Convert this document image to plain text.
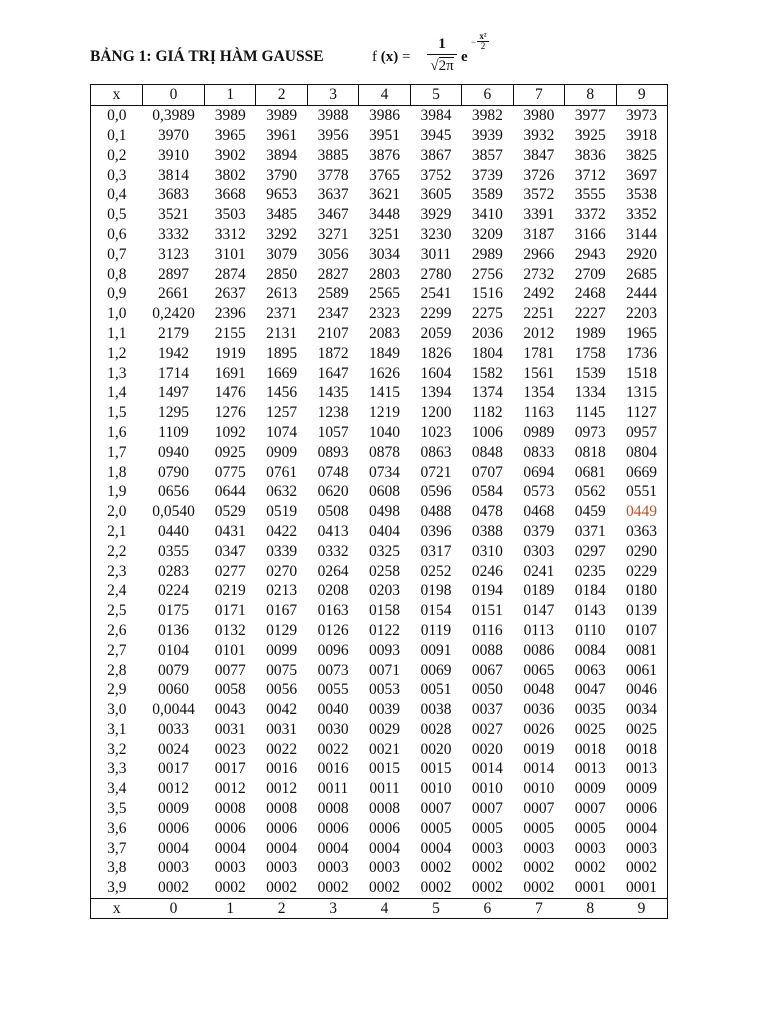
BẢNG 1: GIÁ TRỊ HÀM GAUSSE	f (x) =
1
√2π
e
− $\frac{\text{x²}}{2}$
x	0	1	2	3	4	5	6	7	8	9
0,0	0,3989	3989	3989	3988	3986	3984	3982	3980	3977	3973
0,1	3970	3965	3961	3956	3951	3945	3939	3932	3925	3918
0,2	3910	3902	3894	3885	3876	3867	3857	3847	3836	3825
0,3	3814	3802	3790	3778	3765	3752	3739	3726	3712	3697
0,4	3683	3668	9653	3637	3621	3605	3589	3572	3555	3538
0,5	3521	3503	3485	3467	3448	3929	3410	3391	3372	3352
0,6	3332	3312	3292	3271	3251	3230	3209	3187	3166	3144
0,7	3123	3101	3079	3056	3034	3011	2989	2966	2943	2920
0,8	2897	2874	2850	2827	2803	2780	2756	2732	2709	2685
0,9	2661	2637	2613	2589	2565	2541	1516	2492	2468	2444
1,0	0,2420	2396	2371	2347	2323	2299	2275	2251	2227	2203
1,1	2179	2155	2131	2107	2083	2059	2036	2012	1989	1965
1,2	1942	1919	1895	1872	1849	1826	1804	1781	1758	1736
1,3	1714	1691	1669	1647	1626	1604	1582	1561	1539	1518
1,4	1497	1476	1456	1435	1415	1394	1374	1354	1334	1315
1,5	1295	1276	1257	1238	1219	1200	1182	1163	1145	1127
1,6	1109	1092	1074	1057	1040	1023	1006	0989	0973	0957
1,7	0940	0925	0909	0893	0878	0863	0848	0833	0818	0804
1,8	0790	0775	0761	0748	0734	0721	0707	0694	0681	0669
1,9	0656	0644	0632	0620	0608	0596	0584	0573	0562	0551
2,0	0,0540	0529	0519	0508	0498	0488	0478	0468	0459	0449
2,1	0440	0431	0422	0413	0404	0396	0388	0379	0371	0363
2,2	0355	0347	0339	0332	0325	0317	0310	0303	0297	0290
2,3	0283	0277	0270	0264	0258	0252	0246	0241	0235	0229
2,4	0224	0219	0213	0208	0203	0198	0194	0189	0184	0180
2,5	0175	0171	0167	0163	0158	0154	0151	0147	0143	0139
2,6	0136	0132	0129	0126	0122	0119	0116	0113	0110	0107
2,7	0104	0101	0099	0096	0093	0091	0088	0086	0084	0081
2,8	0079	0077	0075	0073	0071	0069	0067	0065	0063	0061
2,9	0060	0058	0056	0055	0053	0051	0050	0048	0047	0046
3,0	0,0044	0043	0042	0040	0039	0038	0037	0036	0035	0034
3,1	0033	0031	0031	0030	0029	0028	0027	0026	0025	0025
3,2	0024	0023	0022	0022	0021	0020	0020	0019	0018	0018
3,3	0017	0017	0016	0016	0015	0015	0014	0014	0013	0013
3,4	0012	0012	0012	0011	0011	0010	0010	0010	0009	0009
3,5	0009	0008	0008	0008	0008	0007	0007	0007	0007	0006
3,6	0006	0006	0006	0006	0006	0005	0005	0005	0005	0004
3,7	0004	0004	0004	0004	0004	0004	0003	0003	0003	0003
3,8	0003	0003	0003	0003	0003	0002	0002	0002	0002	0002
3,9	0002	0002	0002	0002	0002	0002	0002	0002	0001	0001
x	0	1	2	3	4	5	6	7	8	9
